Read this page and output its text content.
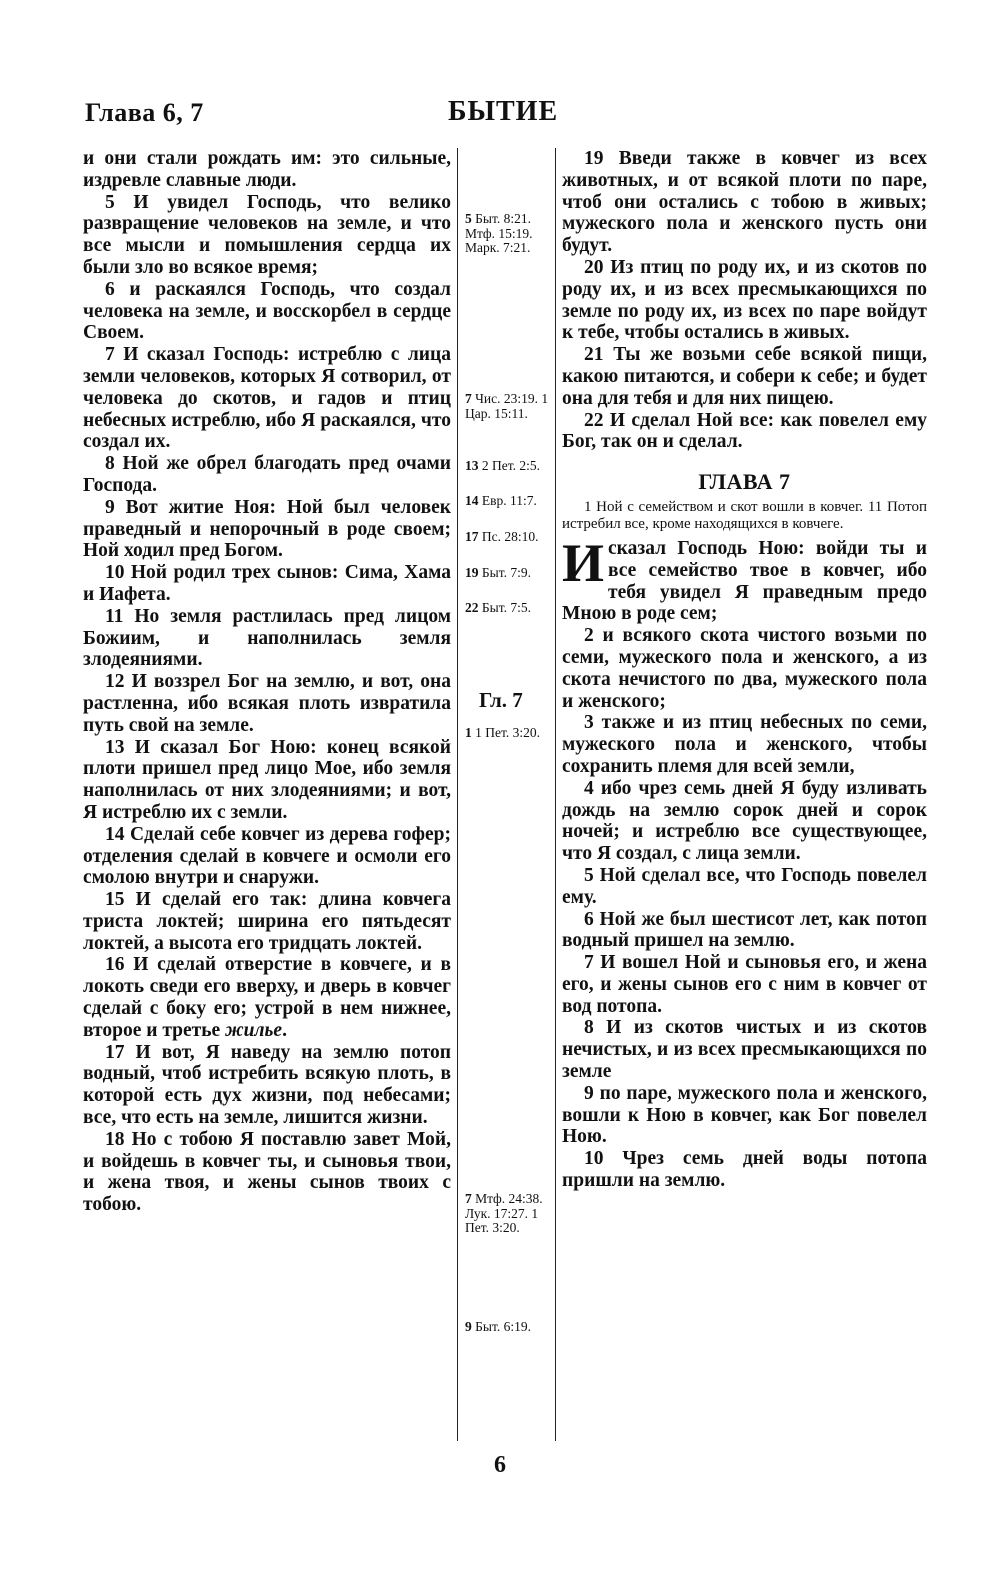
Глава 6, 7	БЫТИЕ

и они стали рождать им: это сильные, издревле славные люди.

5 И увидел Господь, что велико развращение человеков на земле, и что все мысли и помышления сердца их были зло во всякое время;

6 и раскаялся Господь, что создал человека на земле, и восскорбел в сердце Своем.

7 И сказал Господь: истреблю с лица земли человеков, которых Я сотворил, от человека до скотов, и гадов и птиц небесных истреблю, ибо Я раскаялся, что создал их.

8 Ной же обрел благодать пред очами Господа.

9 Вот житие Ноя: Ной был человек праведный и непорочный в роде своем; Ной ходил пред Богом.

10 Ной родил трех сынов: Сима, Хама и Иафета.

11 Но земля растлилась пред лицом Божиим, и наполнилась земля злодеяниями.

12 И воззрел Бог на землю, и вот, она растленна, ибо всякая плоть извратила путь свой на земле.

13 И сказал Бог Ною: конец всякой плоти пришел пред лицо Мое, ибо земля наполнилась от них злодеяниями; и вот, Я истреблю их с земли.

14 Сделай себе ковчег из дерева гофер; отделения сделай в ковчеге и осмоли его смолою внутри и снаружи.

15 И сделай его так: длина ковчега триста локтей; ширина его пятьдесят локтей, а высота его тридцать локтей.

16 И сделай отверстие в ковчеге, и в локоть сведи его вверху, и дверь в ковчег сделай с боку его; устрой в нем нижнее, второе и третье жилье.

17 И вот, Я наведу на землю потоп водный, чтоб истребить всякую плоть, в которой есть дух жизни, под небесами; все, что есть на земле, лишится жизни.

18 Но с тобою Я поставлю завет Мой, и войдешь в ковчег ты, и сыновья твои, и жена твоя, и жены сынов твоих с тобою.

5 Быт. 8:21. Мтф. 15:19. Марк. 7:21.
7 Чис. 23:19. 1 Цар. 15:11.
13 2 Пет. 2:5.
14 Евр. 11:7.
17 Пс. 28:10.
19 Быт. 7:9.
22 Быт. 7:5.
Гл. 7
1 1 Пет. 3:20.
7 Мтф. 24:38. Лук. 17:27. 1 Пет. 3:20.
9 Быт. 6:19.

19 Введи также в ковчег из всех животных, и от всякой плоти по паре, чтоб они остались с тобою в живых; мужеского пола и женского пусть они будут.

20 Из птиц по роду их, и из скотов по роду их, и из всех пресмыкающихся по земле по роду их, из всех по паре войдут к тебе, чтобы остались в живых.

21 Ты же возьми себе всякой пищи, какою питаются, и собери к себе; и будет она для тебя и для них пищею.

22 И сделал Ной все: как повелел ему Бог, так он и сделал.

ГЛАВА 7

1 Ной с семейством и скот вошли в ковчег. 11 Потоп истребил все, кроме находящихся в ковчеге.

Исказал Господь Ною: войди ты и все семейство твое в ковчег, ибо тебя увидел Я праведным предо Мною в роде сем;

2 и всякого скота чистого возьми по семи, мужеского пола и женского, а из скота нечистого по два, мужеского пола и женского;

3 также и из птиц небесных по семи, мужеского пола и женского, чтобы сохранить племя для всей земли,

4 ибо чрез семь дней Я буду изливать дождь на землю сорок дней и сорок ночей; и истреблю все существующее, что Я создал, с лица земли.

5 Ной сделал все, что Господь повелел ему.

6 Ной же был шестисот лет, как потоп водный пришел на землю.

7 И вошел Ной и сыновья его, и жена его, и жены сынов его с ним в ковчег от вод потопа.

8 И из скотов чистых и из скотов нечистых, и из всех пресмыкающихся по земле

9 по паре, мужеского пола и женского, вошли к Ною в ковчег, как Бог повелел Ною.

10 Чрез семь дней воды потопа пришли на землю.

6
